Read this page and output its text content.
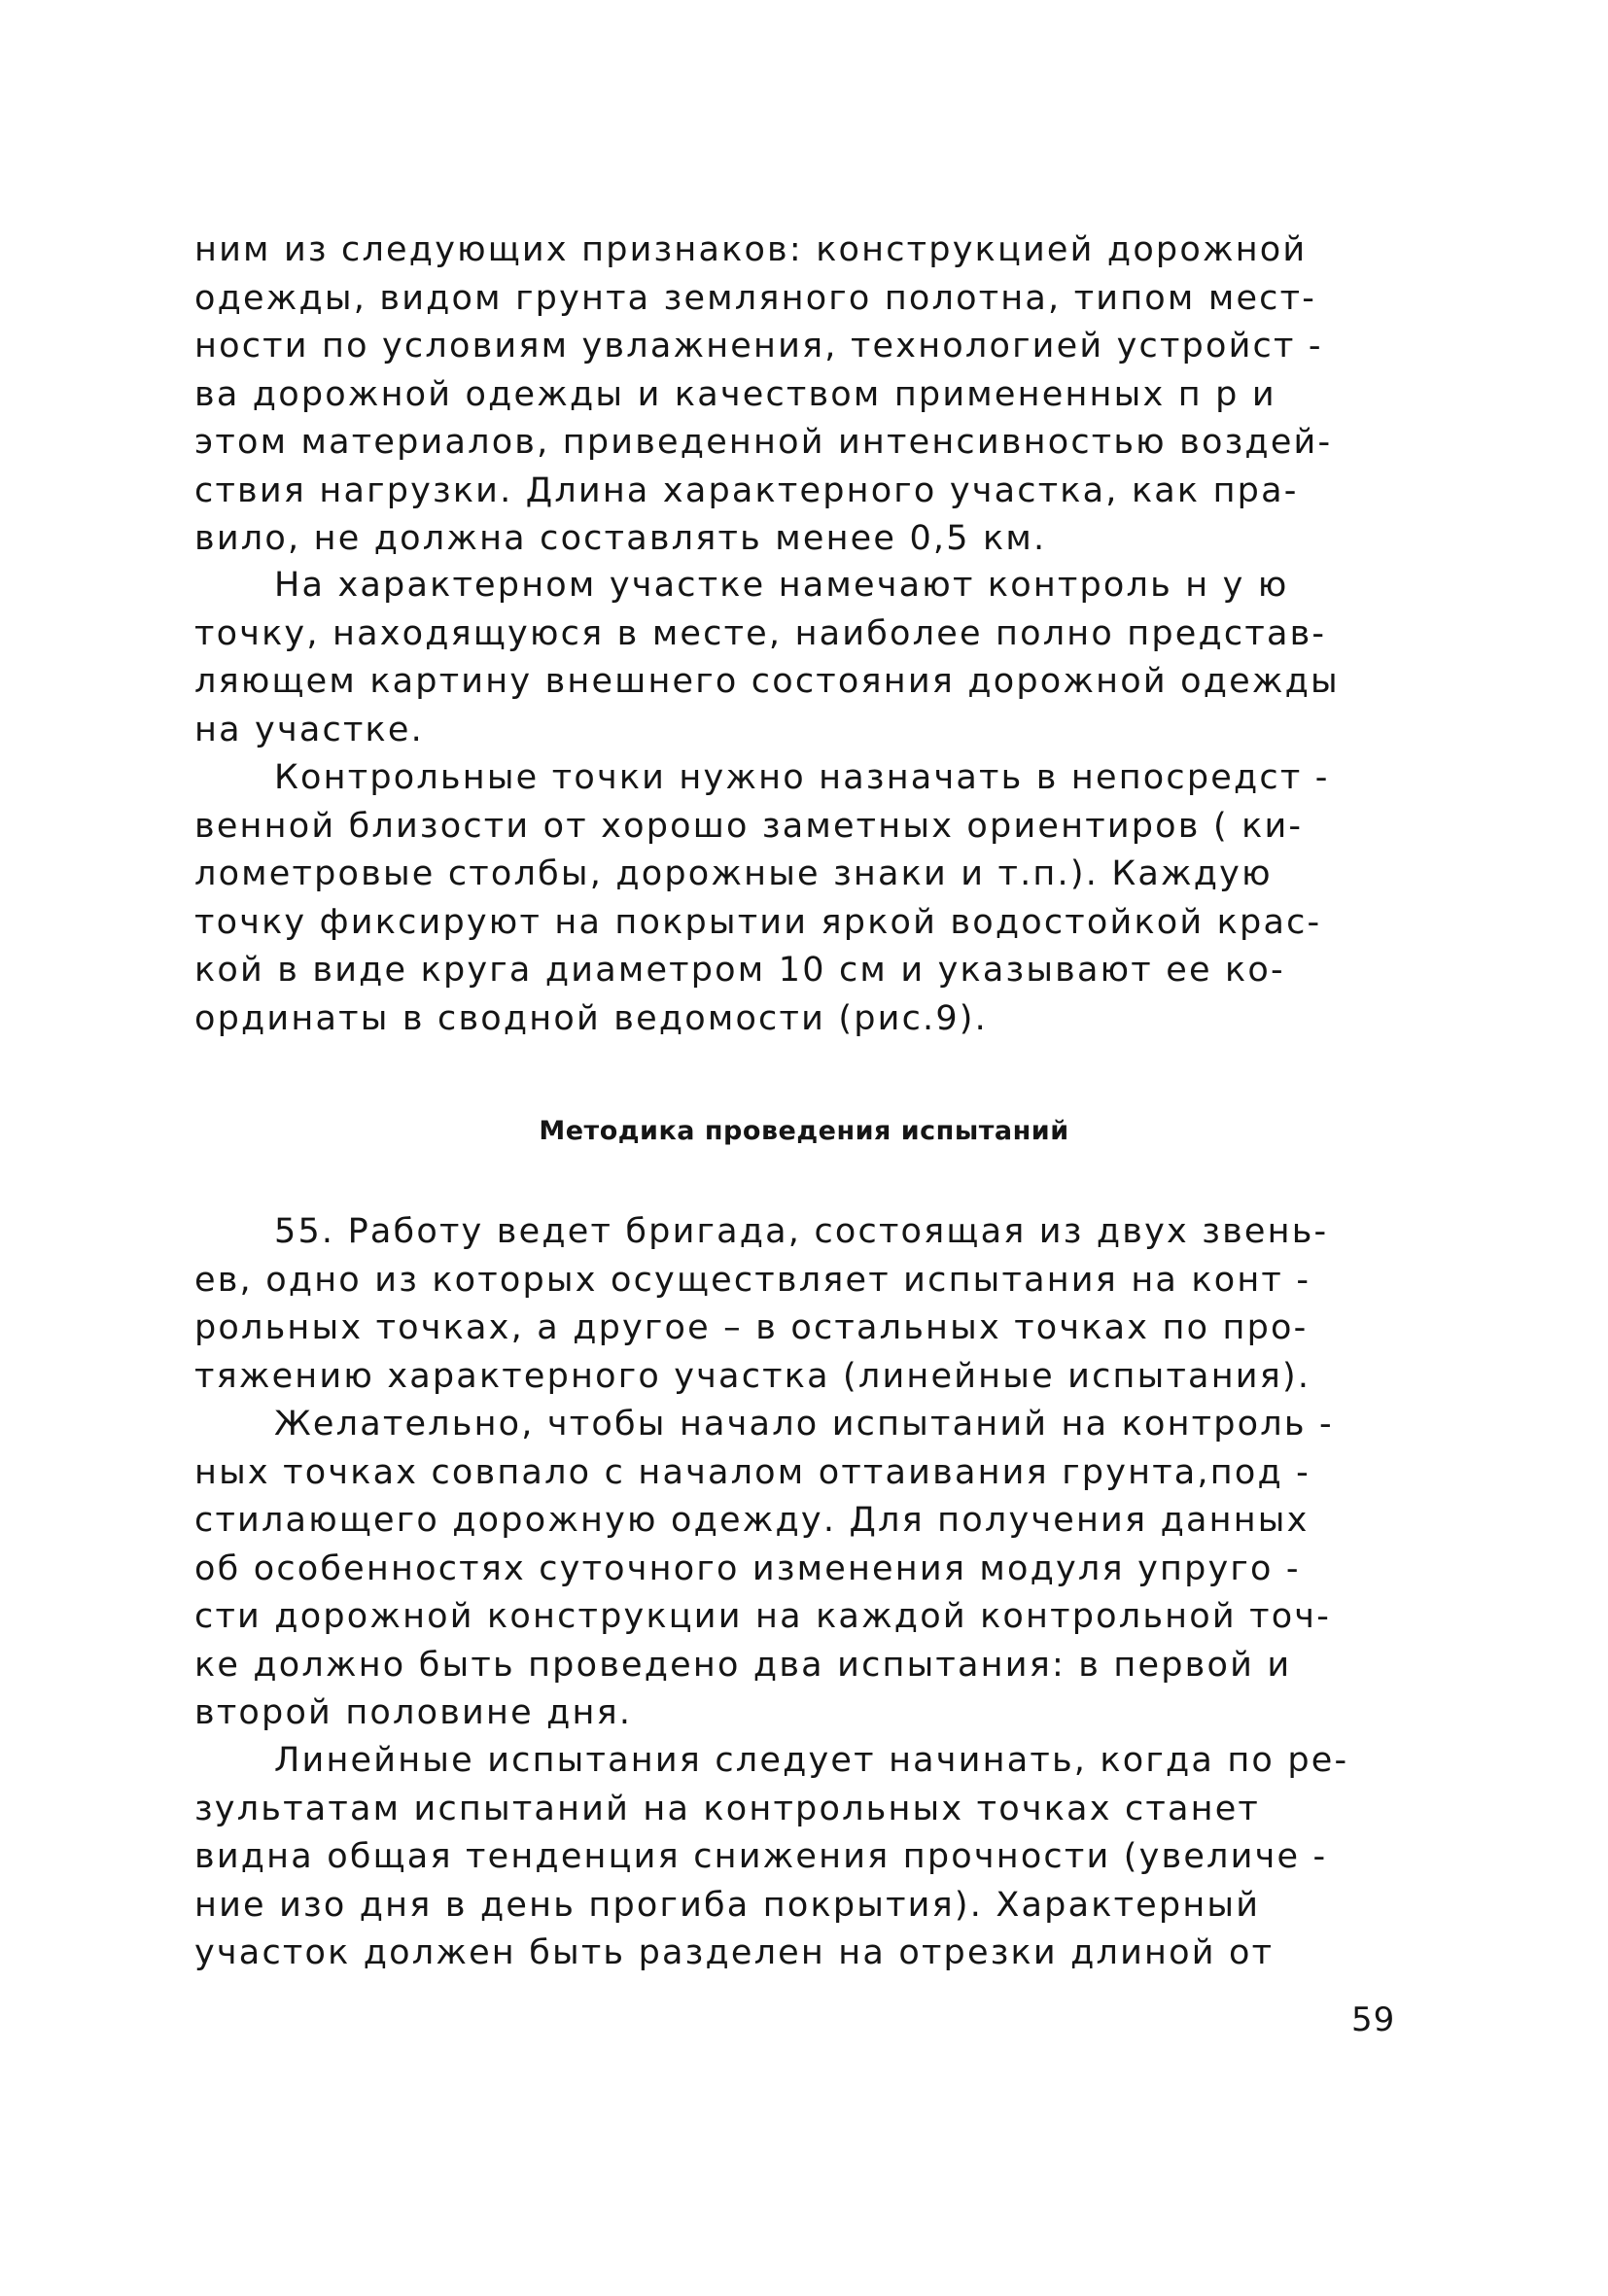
ним из следующих признаков: конструкцией дорожной
одежды, видом грунта земляного полотна, типом мест-
ности по условиям увлажнения, технологией устройст -
ва дорожной одежды и качеством примененных п р и
этом материалов, приведенной интенсивностью воздей-
ствия нагрузки. Длина характерного участка, как пра-
вило, не должна составлять менее 0,5 км.
На характерном участке намечают контроль н у ю
точку, находящуюся в месте, наиболее полно представ-
ляющем картину внешнего состояния дорожной одежды
на участке.
Контрольные точки нужно назначать в непосредст -
венной близости от хорошо заметных ориентиров ( ки-
лометровые столбы, дорожные знаки и т.п.). Каждую
точку фиксируют на покрытии яркой водостойкой крас-
кой в виде круга диаметром 10 см и указывают ее ко-
ординаты в сводной ведомости (рис.9).
Методика проведения испытаний
55. Работу ведет бригада, состоящая из двух звень-
ев, одно из которых осуществляет испытания на конт -
рольных точках, а другое – в остальных точках по про-
тяжению характерного участка (линейные испытания).
Желательно, чтобы начало испытаний на контроль -
ных точках совпало с началом оттаивания грунта,под -
стилающего дорожную одежду. Для получения данных
об особенностях суточного изменения модуля упруго -
сти дорожной конструкции на каждой контрольной точ-
ке должно быть проведено два испытания: в первой и
второй половине дня.
Линейные испытания следует начинать, когда по ре-
зультатам испытаний на контрольных точках станет
видна общая тенденция снижения прочности (увеличе -
ние изо дня в день прогиба покрытия). Характерный
участок должен быть разделен на отрезки длиной от
59
